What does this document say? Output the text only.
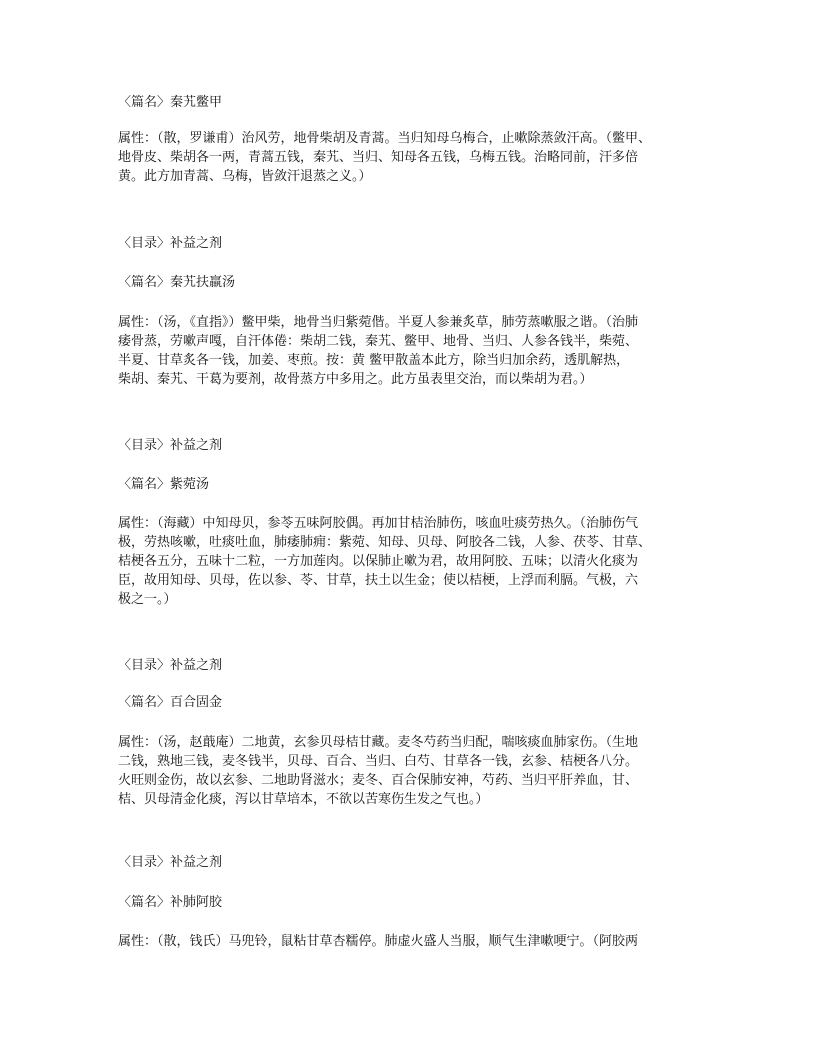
〈篇名〉秦艽鳖甲
属性：（散，罗谦甫）治风劳，地骨柴胡及青蒿。当归知母乌梅合，止嗽除蒸敛汗高。（鳖甲、
地骨皮、柴胡各一两，青蒿五钱，秦艽、当归、知母各五钱，乌梅五钱。治略同前，汗多倍
黄。此方加青蒿、乌梅，皆敛汗退蒸之义。）
〈目录〉补益之剂
〈篇名〉秦艽扶羸汤
属性：（汤，《直指》）鳖甲柴，地骨当归紫菀偕。半夏人参兼炙草，肺劳蒸嗽服之谐。（治肺
痿骨蒸，劳嗽声嘎，自汗体倦：柴胡二钱，秦艽、鳖甲、地骨、当归、人参各钱半，柴菀、
半夏、甘草炙各一钱，加姜、枣煎。按：黄 鳖甲散盖本此方，除当归加余药，透肌解热，
柴胡、秦艽、干葛为要剂，故骨蒸方中多用之。此方虽表里交治，而以柴胡为君。）
〈目录〉补益之剂
〈篇名〉紫菀汤
属性：（海藏）中知母贝，参苓五味阿胶偶。再加甘桔治肺伤，咳血吐痰劳热久。（治肺伤气
极，劳热咳嗽，吐痰吐血，肺痿肺痈：紫菀、知母、贝母、阿胶各二钱，人参、茯苓、甘草、
桔梗各五分，五味十二粒，一方加莲肉。以保肺止嗽为君，故用阿胶、五味；以清火化痰为
臣，故用知母、贝母，佐以参、苓、甘草，扶土以生金；使以桔梗，上浮而利膈。气极，六
极之一。）
〈目录〉补益之剂
〈篇名〉百合固金
属性：（汤，赵蕺庵）二地黄，玄参贝母桔甘藏。麦冬芍药当归配，喘咳痰血肺家伤。（生地
二钱，熟地三钱，麦冬钱半，贝母、百合、当归、白芍、甘草各一钱，玄参、桔梗各八分。
火旺则金伤，故以玄参、二地助肾滋水；麦冬、百合保肺安神，芍药、当归平肝养血，甘、
桔、贝母清金化痰，泻以甘草培本，不欲以苦寒伤生发之气也。）
〈目录〉补益之剂
〈篇名〉补肺阿胶
属性：（散，钱氏）马兜铃，鼠粘甘草杏糯停。肺虚火盛人当服，顺气生津嗽哽宁。（阿胶两
